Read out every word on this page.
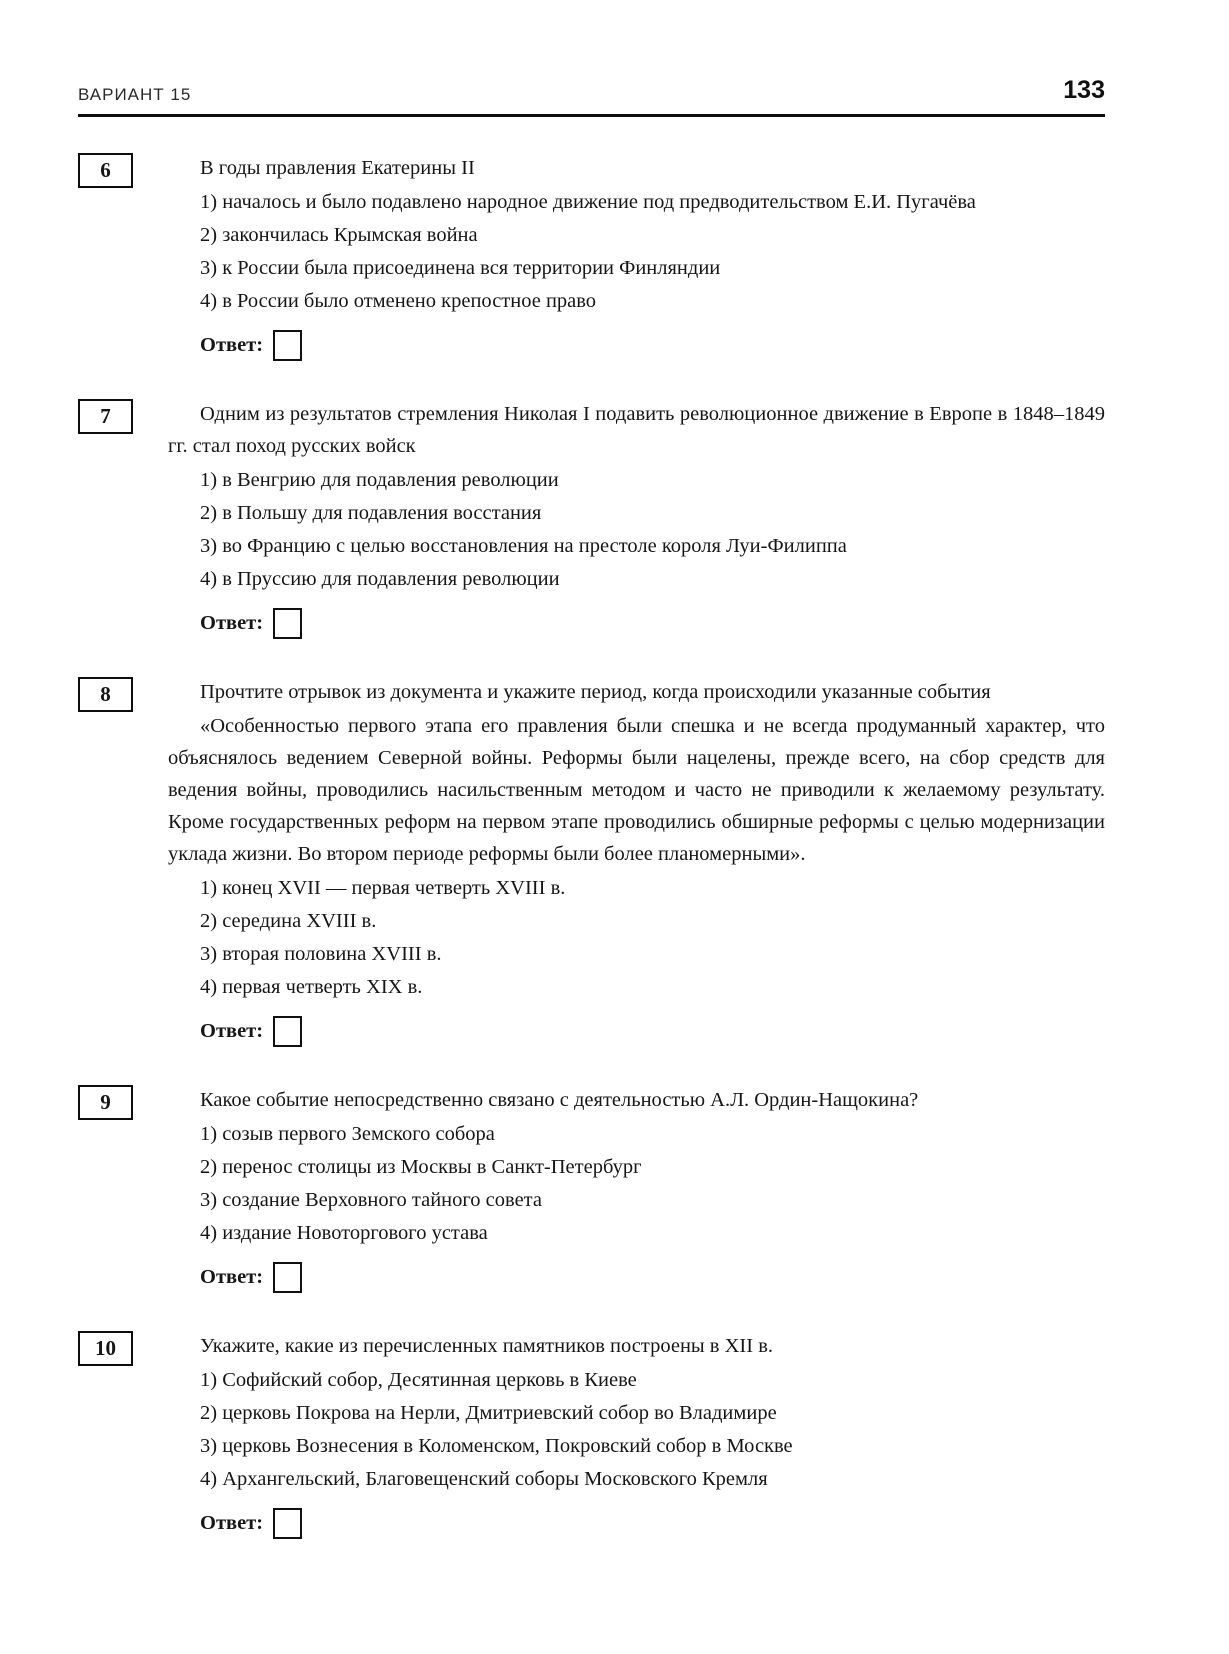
ВАРИАНТ 15	133
6	В годы правления Екатерины II

1) началось и было подавлено народное движение под предводительством Е.И. Пугачёва
2) закончилась Крымская война
3) к России была присоединена вся территории Финляндии
4) в России было отменено крепостное право
Ответ:
7	Одним из результатов стремления Николая I подавить революционное движение в Европе в 1848–1849 гг. стал поход русских войск

1) в Венгрию для подавления революции
2) в Польшу для подавления восстания
3) во Францию с целью восстановления на престоле короля Луи-Филиппа
4) в Пруссию для подавления революции
Ответ:
8	Прочтите отрывок из документа и укажите период, когда происходили указанные события

«Особенностью первого этапа его правления были спешка и не всегда продуманный характер, что объяснялось ведением Северной войны. Реформы были нацелены, прежде всего, на сбор средств для ведения войны, проводились насильственным методом и часто не приводили к желаемому результату. Кроме государственных реформ на первом этапе проводились обширные реформы с целью модернизации уклада жизни. Во втором периоде реформы были более планомерными».

1) конец XVII — первая четверть XVIII в.
2) середина XVIII в.
3) вторая половина XVIII в.
4) первая четверть XIX в.
Ответ:
9	Какое событие непосредственно связано с деятельностью А.Л. Ордин-Нащокина?

1) созыв первого Земского собора
2) перенос столицы из Москвы в Санкт-Петербург
3) создание Верховного тайного совета
4) издание Новоторгового устава
Ответ:
10	Укажите, какие из перечисленных памятников построены в XII в.

1) Софийский собор, Десятинная церковь в Киеве
2) церковь Покрова на Нерли, Дмитриевский собор во Владимире
3) церковь Вознесения в Коломенском, Покровский собор в Москве
4) Архангельский, Благовещенский соборы Московского Кремля
Ответ:
